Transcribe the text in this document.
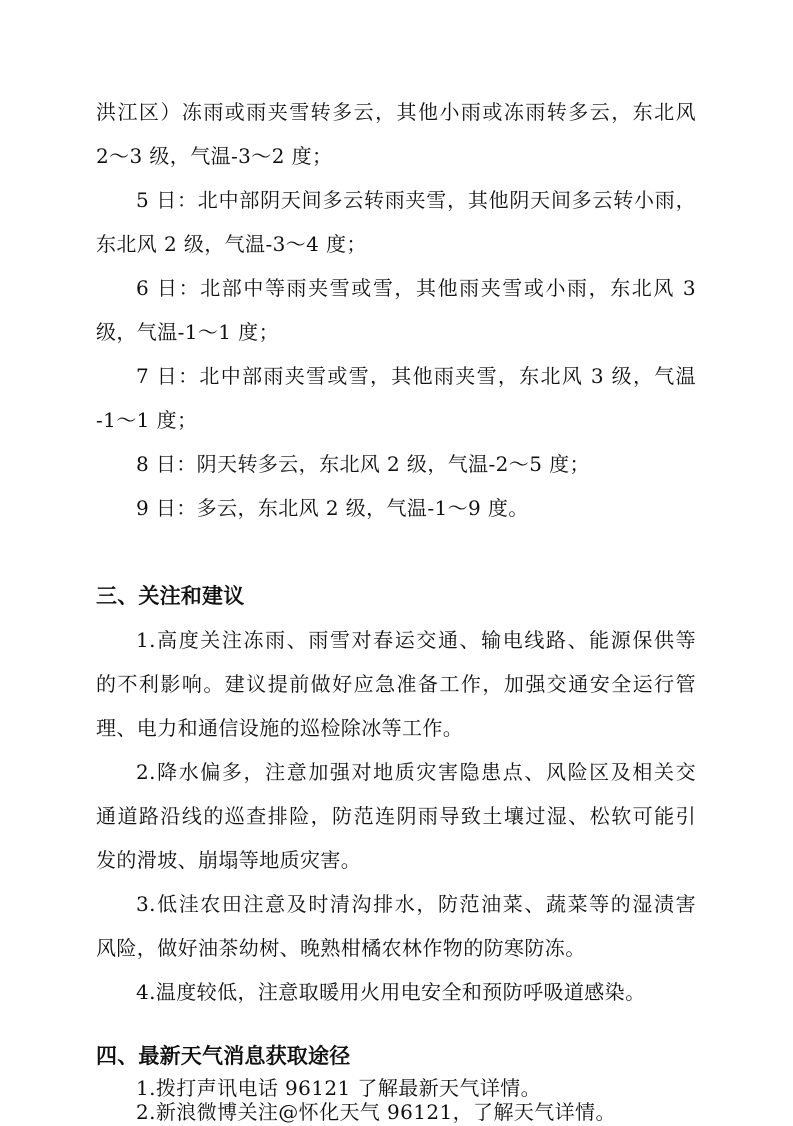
洪江区）冻雨或雨夹雪转多云，其他小雨或冻雨转多云，东北风
2～3 级，气温-3～2 度；
5 日：北中部阴天间多云转雨夹雪，其他阴天间多云转小雨，
东北风 2 级，气温-3～4 度；
6 日：北部中等雨夹雪或雪，其他雨夹雪或小雨，东北风 3
级，气温-1～1 度；
7 日：北中部雨夹雪或雪，其他雨夹雪，东北风 3 级，气温
-1～1 度；
8 日：阴天转多云，东北风 2 级，气温-2～5 度；
9 日：多云，东北风 2 级，气温-1～9 度。
三、关注和建议
1.高度关注冻雨、雨雪对春运交通、输电线路、能源保供等
的不利影响。建议提前做好应急准备工作，加强交通安全运行管
理、电力和通信设施的巡检除冰等工作。
2.降水偏多，注意加强对地质灾害隐患点、风险区及相关交
通道路沿线的巡查排险，防范连阴雨导致土壤过湿、松软可能引
发的滑坡、崩塌等地质灾害。
3.低洼农田注意及时清沟排水，防范油菜、蔬菜等的湿渍害
风险，做好油茶幼树、晚熟柑橘农林作物的防寒防冻。
4.温度较低，注意取暖用火用电安全和预防呼吸道感染。
四、最新天气消息获取途径
1.拨打声讯电话 96121 了解最新天气详情。
2.新浪微博关注@怀化天气 96121，了解天气详情。
